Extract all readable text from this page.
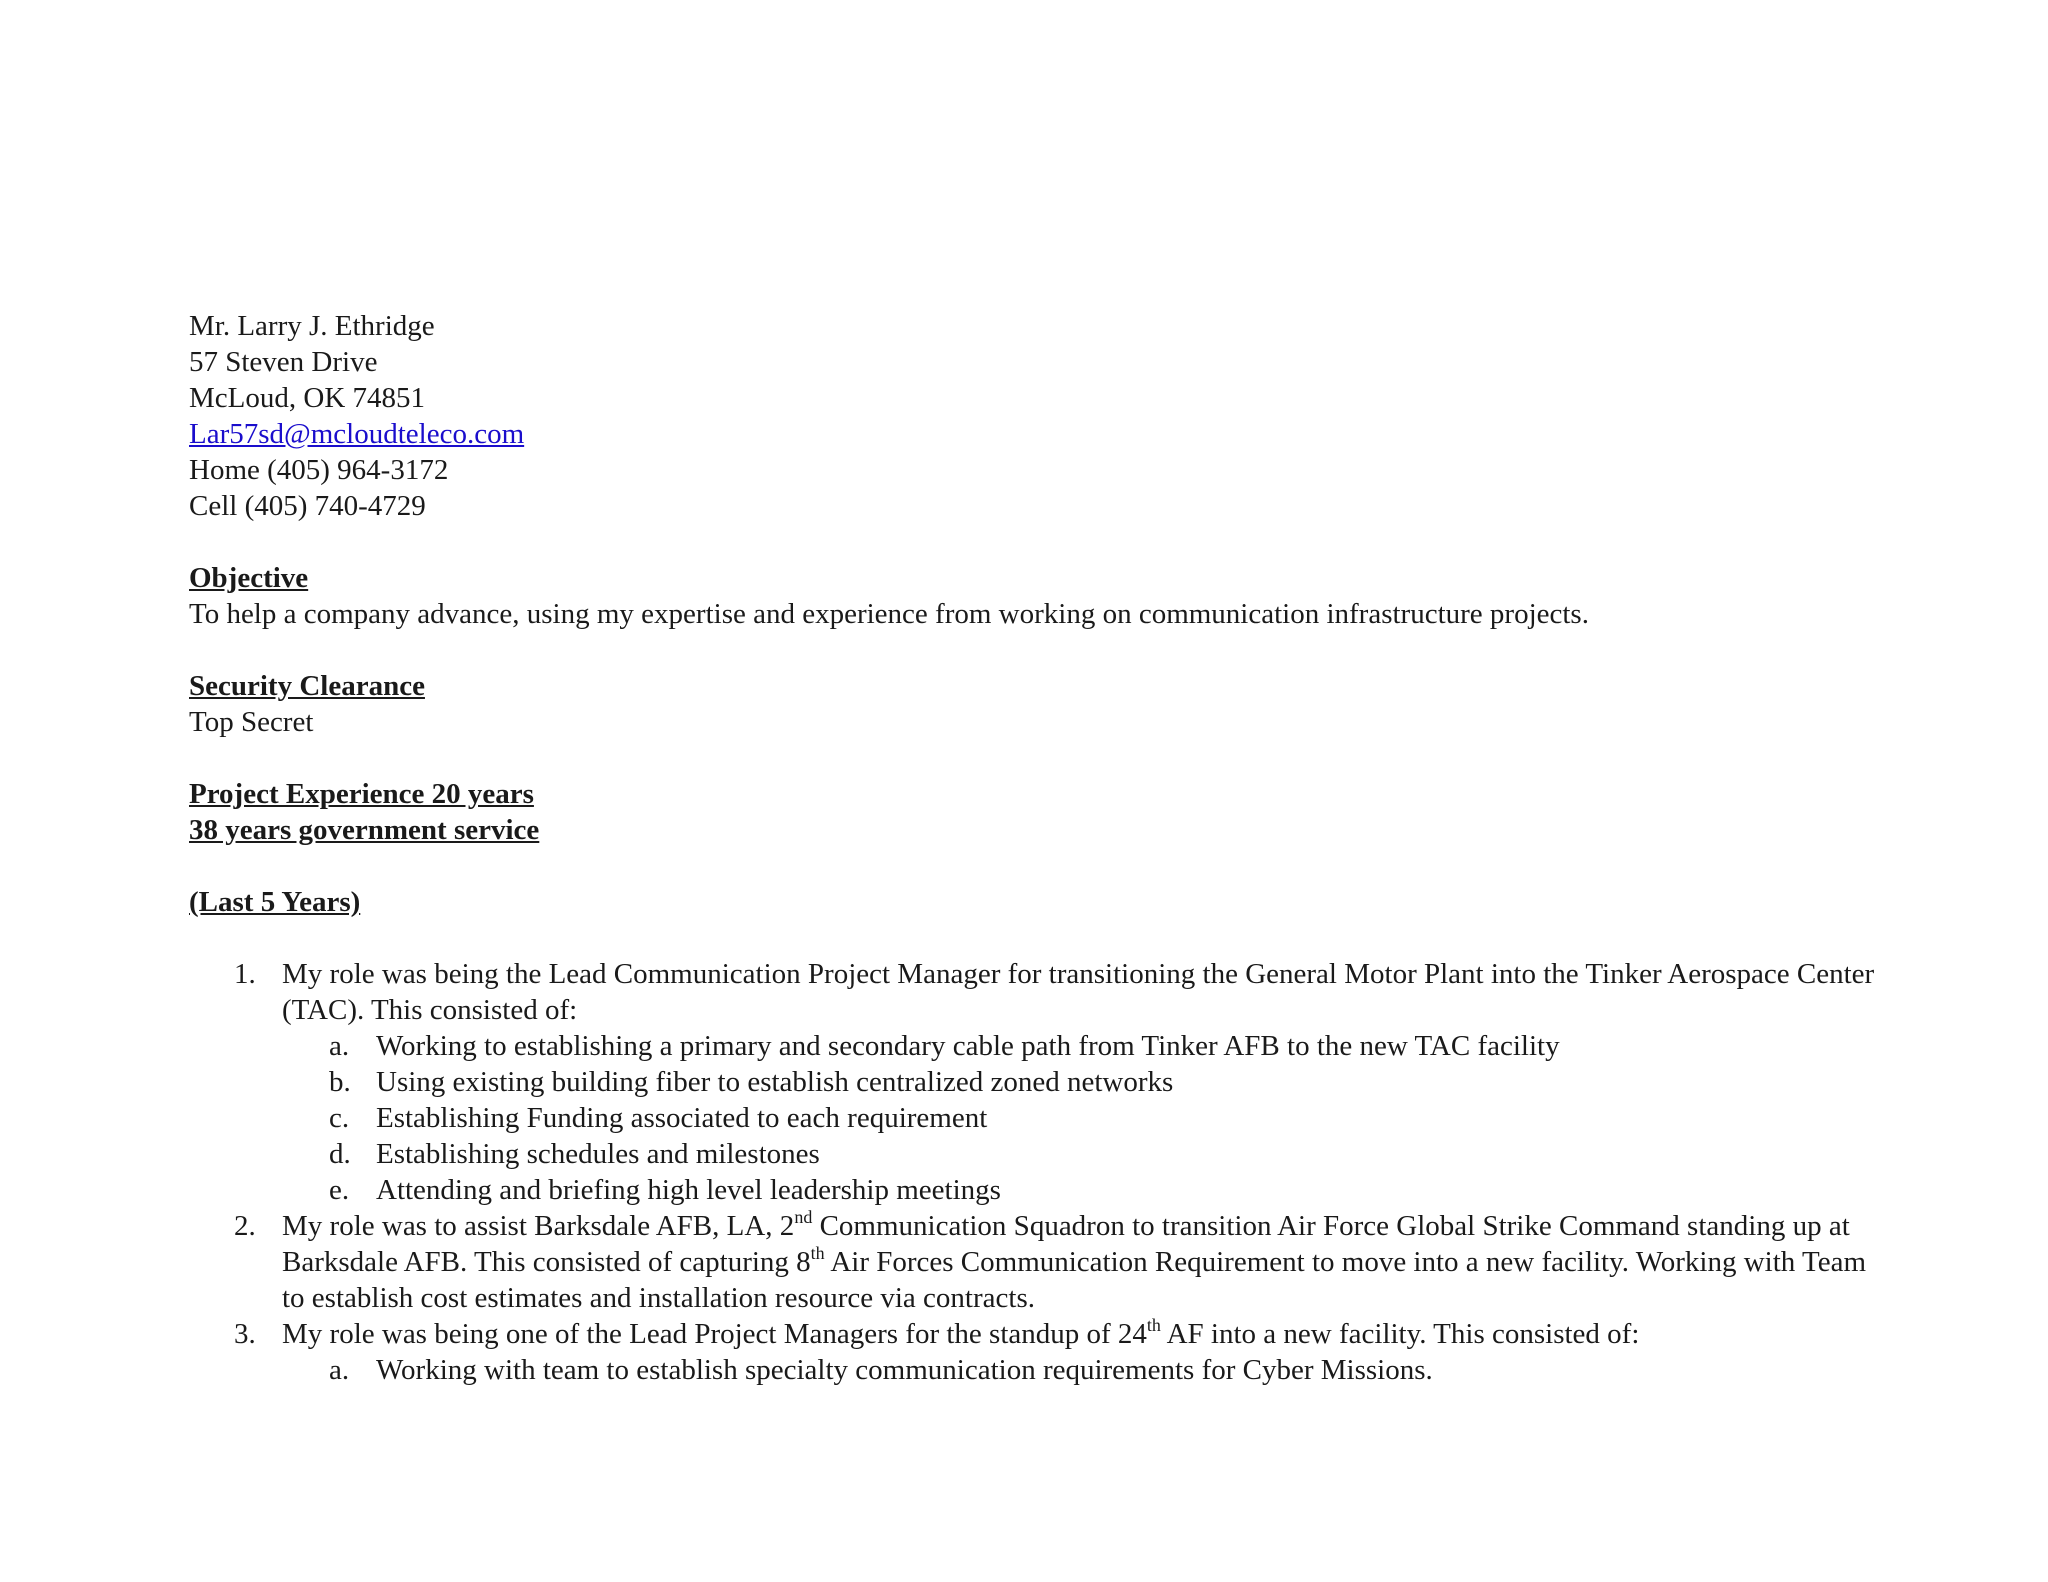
Mr. Larry J. Ethridge
57 Steven Drive
McLoud, OK 74851
Lar57sd@mcloudteleco.com
Home (405) 964-3172
Cell (405) 740-4729
Objective
To help a company advance, using my expertise and experience from working on communication infrastructure projects.
Security Clearance
Top Secret
Project Experience 20 years
38 years government service
(Last 5 Years)
1. My role was being the Lead Communication Project Manager for transitioning the General Motor Plant into the Tinker Aerospace Center (TAC). This consisted of:
a. Working to establishing a primary and secondary cable path from Tinker AFB to the new TAC facility
b. Using existing building fiber to establish centralized zoned networks
c. Establishing Funding associated to each requirement
d. Establishing schedules and milestones
e. Attending and briefing high level leadership meetings
2. My role was to assist Barksdale AFB, LA, 2nd Communication Squadron to transition Air Force Global Strike Command standing up at Barksdale AFB. This consisted of capturing 8th Air Forces Communication Requirement to move into a new facility. Working with Team to establish cost estimates and installation resource via contracts.
3. My role was being one of the Lead Project Managers for the standup of 24th AF into a new facility. This consisted of:
a. Working with team to establish specialty communication requirements for Cyber Missions.
